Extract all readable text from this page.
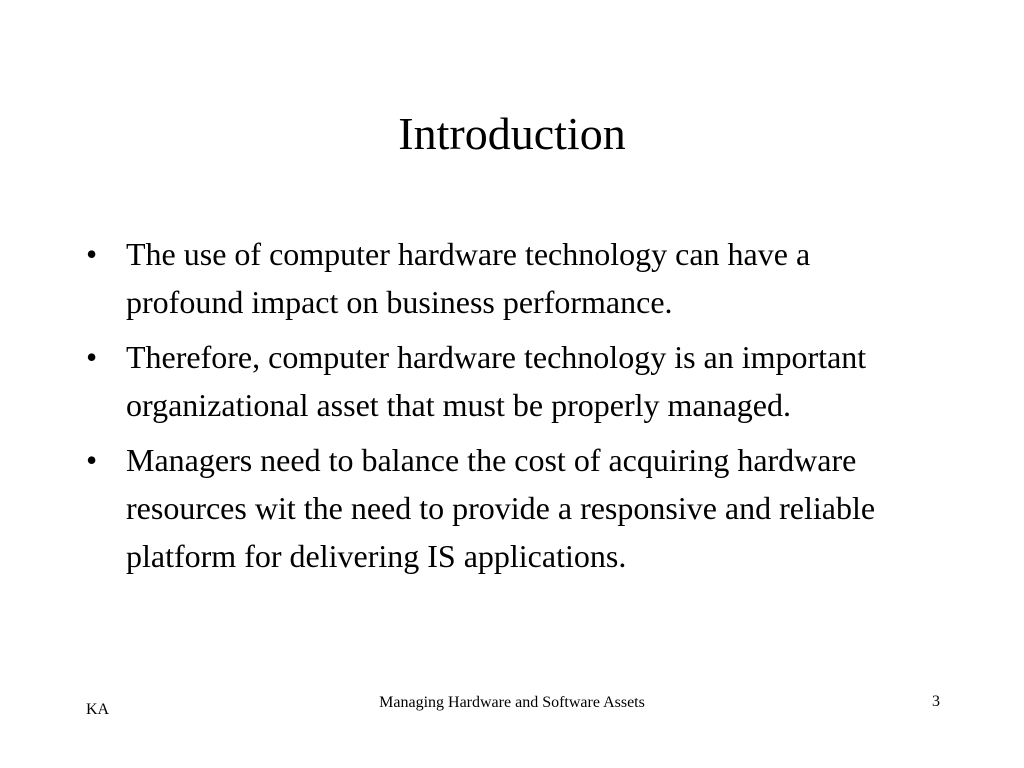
Introduction
• The use of computer hardware technology can have a profound impact on business performance.
• Therefore, computer hardware technology is an important organizational asset that must be properly managed.
• Managers need to balance the cost of acquiring hardware resources wit the need to provide a responsive and reliable platform for delivering IS applications.
KA	Managing Hardware and Software Assets	3
